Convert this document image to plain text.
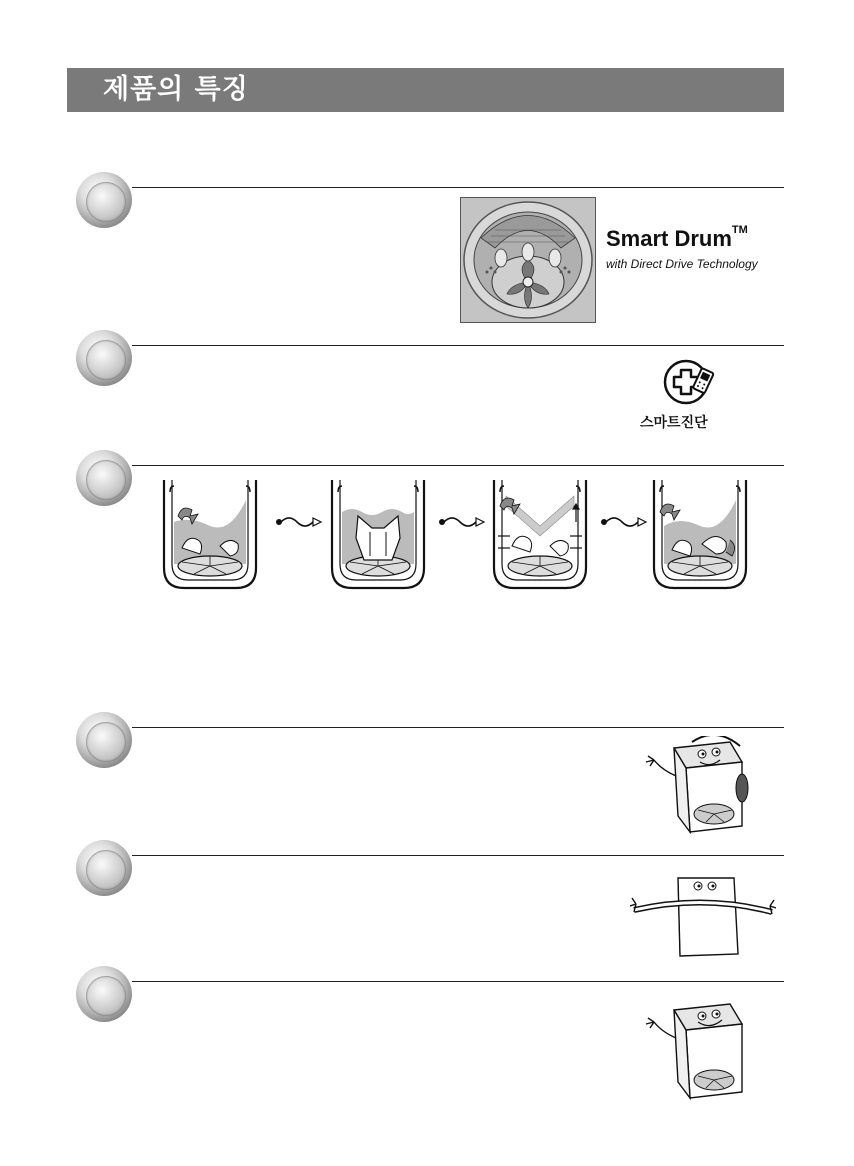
제품의 특징
Smart Drum™
with Direct Drive Technology
스마트진단
